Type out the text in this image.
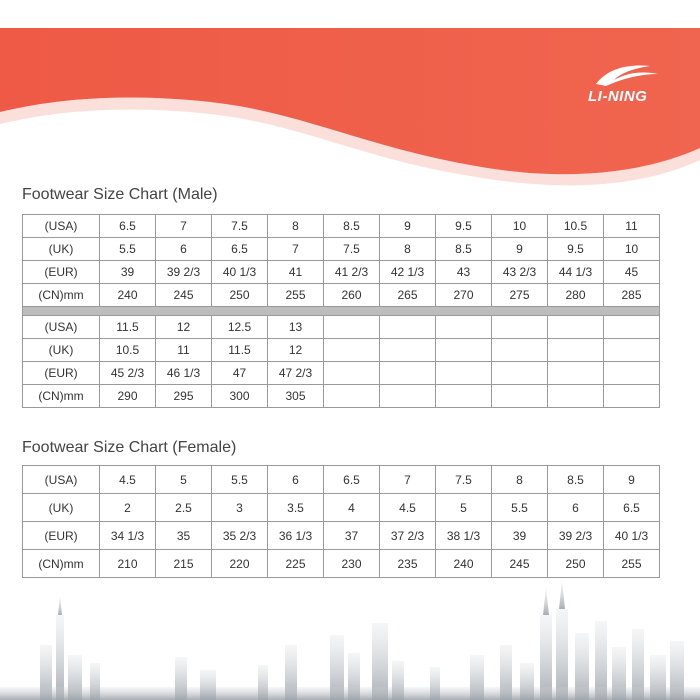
LI-NING
Footwear Size Chart (Male)
(USA)	6.5	7	7.5	8	8.5	9	9.5	10	10.5	11
(UK)	5.5	6	6.5	7	7.5	8	8.5	9	9.5	10
(EUR)	39	39 2/3	40 1/3	41	41 2/3	42 1/3	43	43 2/3	44 1/3	45
(CN)mm	240	245	250	255	260	265	270	275	280	285

(USA)	11.5	12	12.5	13						
(UK)	10.5	11	11.5	12						
(EUR)	45 2/3	46 1/3	47	47 2/3						
(CN)mm	290	295	300	305						
Footwear Size Chart (Female)
(USA)	4.5	5	5.5	6	6.5	7	7.5	8	8.5	9
(UK)	2	2.5	3	3.5	4	4.5	5	5.5	6	6.5
(EUR)	34 1/3	35	35 2/3	36 1/3	37	37 2/3	38 1/3	39	39 2/3	40 1/3
(CN)mm	210	215	220	225	230	235	240	245	250	255
